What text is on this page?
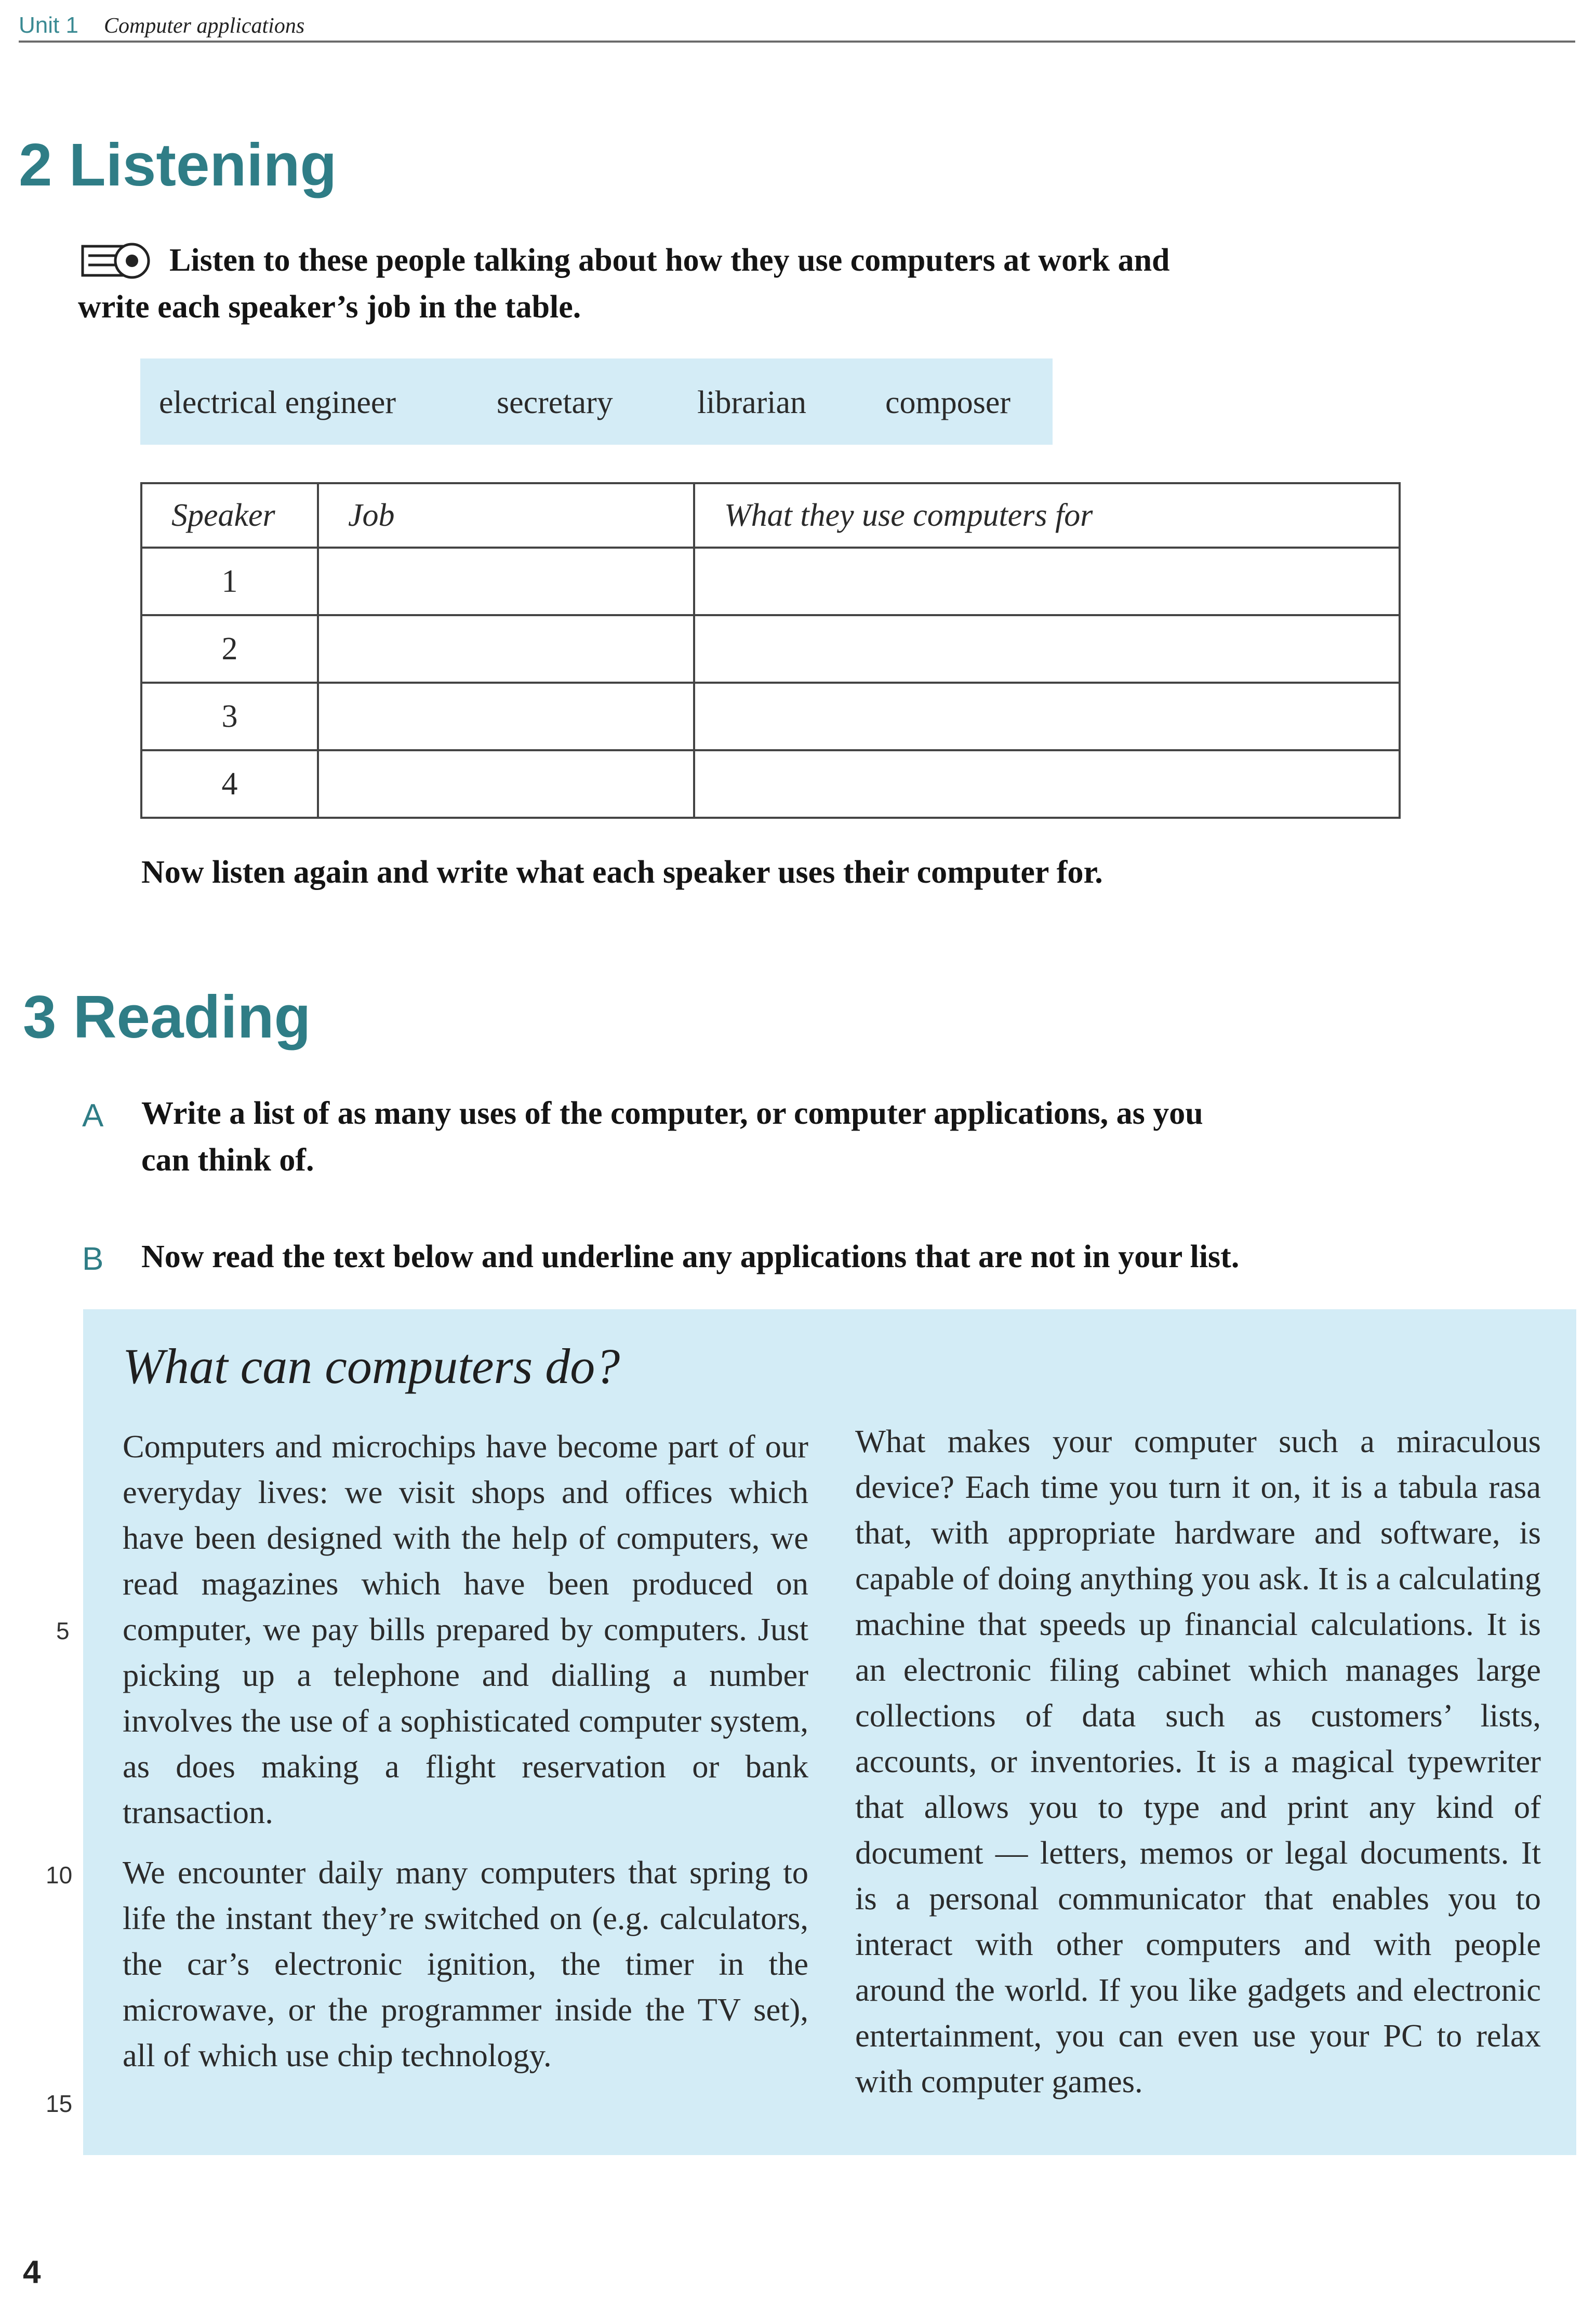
Unit 1 Computer applications
2 Listening
Listen to these people talking about how they use computers at work and
write each speaker’s job in the table.
electrical engineer	secretary	librarian composer
Speaker	Job	What they use computers for
1		
2		
3		
4		
Now listen again and write what each speaker uses their computer for.
3 Reading
A Write a list of as many uses of the computer, or computer applications, as you
can think of.
B Now read the text below and underline any applications that are not in your list.
What can computers do?

Computers and microchips have become part of our everyday lives: we visit shops and offices which have been designed with the help of computers, we read magazines which have been produced on computer, we pay bills prepared by computers. Just picking up a telephone and dialling a number involves the use of a sophisticated computer system, as does making a flight reservation or bank transaction.

We encounter daily many computers that spring to life the instant they’re switched on (e.g. calculators, the car’s electronic ignition, the timer in the microwave, or the programmer inside the TV set), all of which use chip technology.

What makes your computer such a miraculous device? Each time you turn it on, it is a tabula rasa that, with appropriate hardware and software, is capable of doing anything you ask. It is a calculating machine that speeds up financial calculations. It is an electronic filing cabinet which manages large collections of data such as customers’ lists, accounts, or inventories. It is a magical typewriter that allows you to type and print any kind of document — letters, memos or legal documents. It is a personal communicator that enables you to interact with other computers and with people around the world. If you like gadgets and electronic entertainment, you can even use your PC to relax with computer games.

5
10
15
4
